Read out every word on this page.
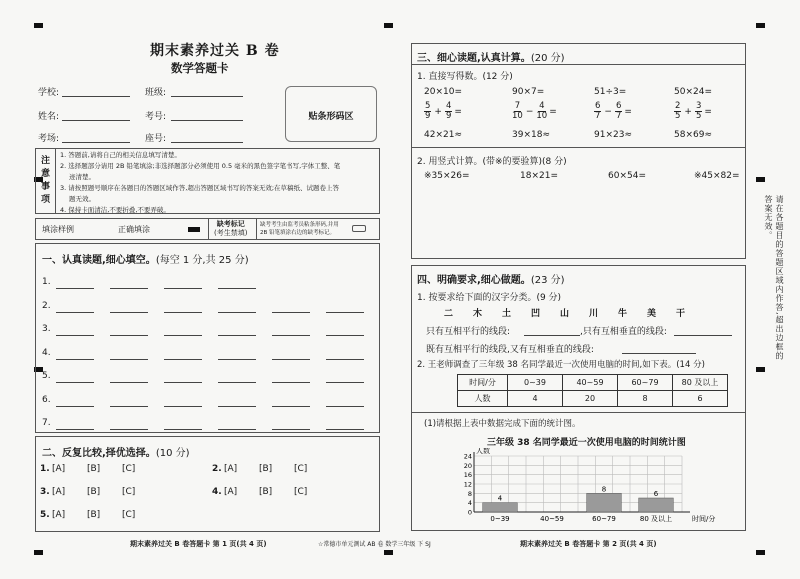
期末素养过关 B 卷
数学答题卡
学校:	班级:
姓名:	考号:
考场:	座号:
贴条形码区
注
意
事
项
1. 答题前,请将自己的相关信息填写清楚。
2. 选择题部分请用 2B 铅笔填涂;非选择题部分必须使用 0.5 毫米的黑色签字笔书写,字体工整、笔
迹清楚。
3. 请按照题号顺序在各题目的答题区域作答,超出答题区域书写的答案无效;在草稿纸、试题卷上答
题无效。
4. 保持卡面清洁,不要折叠,不要弄破。
填涂样例	正确填涂
缺考标记
(考生禁填)
缺考考生由监考员粘条形码,并用
2B 铅笔填涂右边的缺考标记。
一、认真读题,细心填空。(每空 1 分,共 25 分)
1.
2.
3.
4.
5.
6.
7.
二、反复比较,择优选择。(10 分)
1. [A] [B] [C]	2. [A] [B] [C]
3. [A] [B] [C]	4. [A] [B] [C]
5. [A] [B] [C]
期末素养过关 B 卷答题卡 第 1 页(共 4 页)	☆常德市单元测试 AB 卷 数学三年级 下 SJ
三、细心读题,认真计算。(20 分)
1. 直接写得数。(12 分)
20×10=	90×7=	51÷3=	50×24=
$\frac{5}{9} + \frac{4}{9}$ =	$\frac{7}{10} - \frac{4}{10}$ =	$\frac{6}{7} - \frac{6}{7}$ =	$\frac{2}{5} + \frac{3}{5}$ =
42×21≈	39×18≈	91×23≈	58×69≈
2. 用竖式计算。(带※的要验算)(8 分)
※35×26=	18×21=	60×54=	※45×82=
四、明确要求,细心做题。(23 分)
1. 按要求给下面的汉字分类。(9 分)
二 木 土 凹 山 川 牛 美 干
只有互相平行的线段:	,只有互相垂直的线段:
既有互相平行的线段,又有互相垂直的线段:
2. 王老师调查了三年级 38 名同学最近一次使用电脑的时间,如下表。(14 分)
时间/分	0~39	40~59	60~79	80 及以上
人数	4	20	8	6
(1)请根据上表中数据完成下面的统计图。
三年级 38 名同学最近一次使用电脑的时间统计图
人数
0
4
8
12
16
20
24
4
0~39	40~59
8
60~79
6
80 及以上	时间/分
期末素养过关 B 卷答题卡 第 2 页(共 4 页)
请在各题目的答题区域内作答,超出边框的答案无效。
